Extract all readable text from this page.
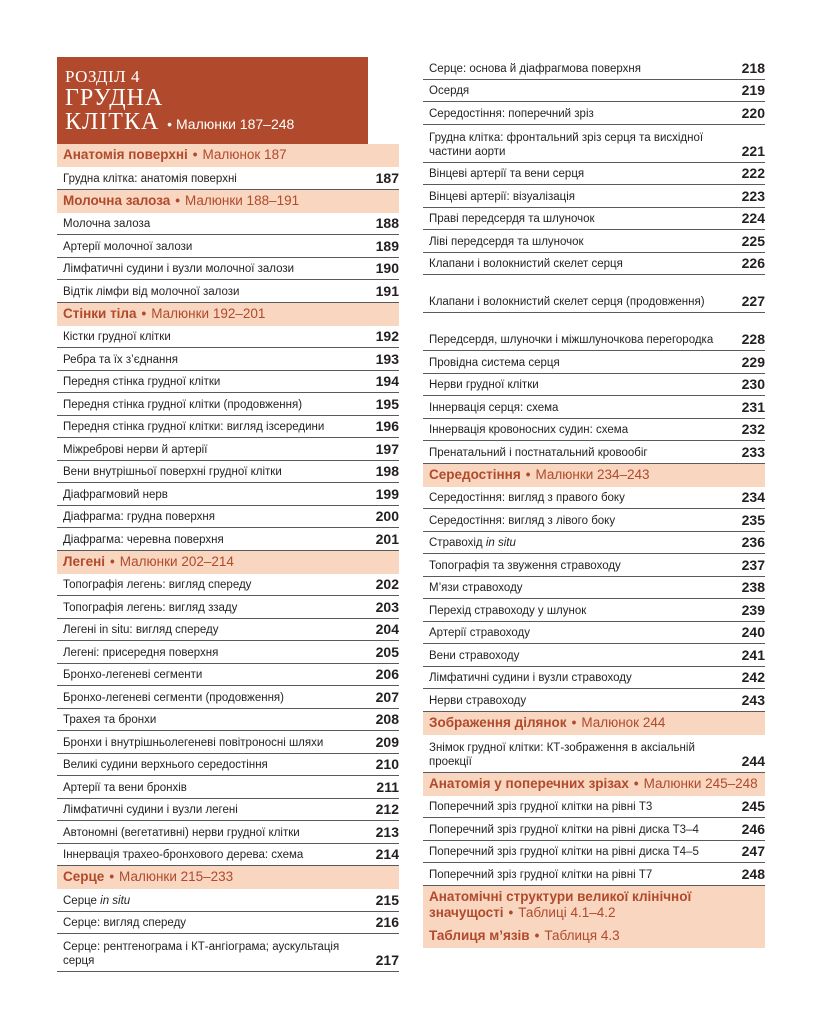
РОЗДІЛ 4
ГРУДНА
КЛІТКА • Малюнки 187–248
Анатомія поверхні • Малюнок 187
Грудна клітка: анатомія поверхні	187
Молочна залоза • Малюнки 188–191
Молочна залоза	188
Артерії молочної залози	189
Лімфатичні судини і вузли молочної залози	190
Відтік лімфи від молочної залози	191
Стінки тіла • Малюнки 192–201
Кістки грудної клітки	192
Ребра та їх з’єднання	193
Передня стінка грудної клітки	194
Передня стінка грудної клітки (продовження)	195
Передня стінка грудної клітки: вигляд ізсередини	196
Міжреброві нерви й артерії	197
Вени внутрішньої поверхні грудної клітки	198
Діафрагмовий нерв	199
Діафрагма: грудна поверхня	200
Діафрагма: черевна поверхня	201
Легені • Малюнки 202–214
Топографія легень: вигляд спереду	202
Топографія легень: вигляд ззаду	203
Легені in situ: вигляд спереду	204
Легені: присередня поверхня	205
Бронхо-легеневі сегменти	206
Бронхо-легеневі сегменти (продовження)	207
Трахея та бронхи	208
Бронхи і внутрішньолегеневі повітроносні шляхи	209
Великі судини верхнього середостіння	210
Артерії та вени бронхів	211
Лімфатичні судини і вузли легені	212
Автономні (вегетативні) нерви грудної клітки	213
Іннервація трахео-бронхового дерева: схема	214
Серце • Малюнки 215–233
Серце in situ	215
Серце: вигляд спереду	216
Серце: рентгенограма і КТ-ангіограма; аускультація серця	217
Серце: основа й діафрагмова поверхня	218
Осердя	219
Середостіння: поперечний зріз	220
Грудна клітка: фронтальний зріз серця та висхідної частини аорти	221
Вінцеві артерії та вени серця	222
Вінцеві артерії: візуалізація	223
Праві передсердя та шлуночок	224
Ліві передсердя та шлуночок	225
Клапани і волокнистий скелет серця	226
Клапани і волокнистий скелет серця (продовження)	227
Передсердя, шлуночки і міжшлуночкова перегородка	228
Провідна система серця	229
Нерви грудної клітки	230
Іннервація серця: схема	231
Іннервація кровоносних судин: схема	232
Пренатальний і постнатальний кровообіг	233
Середостіння • Малюнки 234–243
Середостіння: вигляд з правого боку	234
Середостіння: вигляд з лівого боку	235
Стравохід in situ	236
Топографія та звуження стравоходу	237
М’язи стравоходу	238
Перехід стравоходу у шлунок	239
Артерії стравоходу	240
Вени стравоходу	241
Лімфатичні судини і вузли стравоходу	242
Нерви стравоходу	243
Зображення ділянок • Малюнок 244
Знімок грудної клітки: КТ-зображення в аксіальній проекції	244
Анатомія у поперечних зрізах • Малюнки 245–248
Поперечний зріз грудної клітки на рівні Т3	245
Поперечний зріз грудної клітки на рівні диска Т3–4	246
Поперечний зріз грудної клітки на рівні диска Т4–5	247
Поперечний зріз грудної клітки на рівні Т7	248
Анатомічні структури великої клінічної значущості • Таблиці 4.1–4.2
Таблиця м’язів • Таблиця 4.3
